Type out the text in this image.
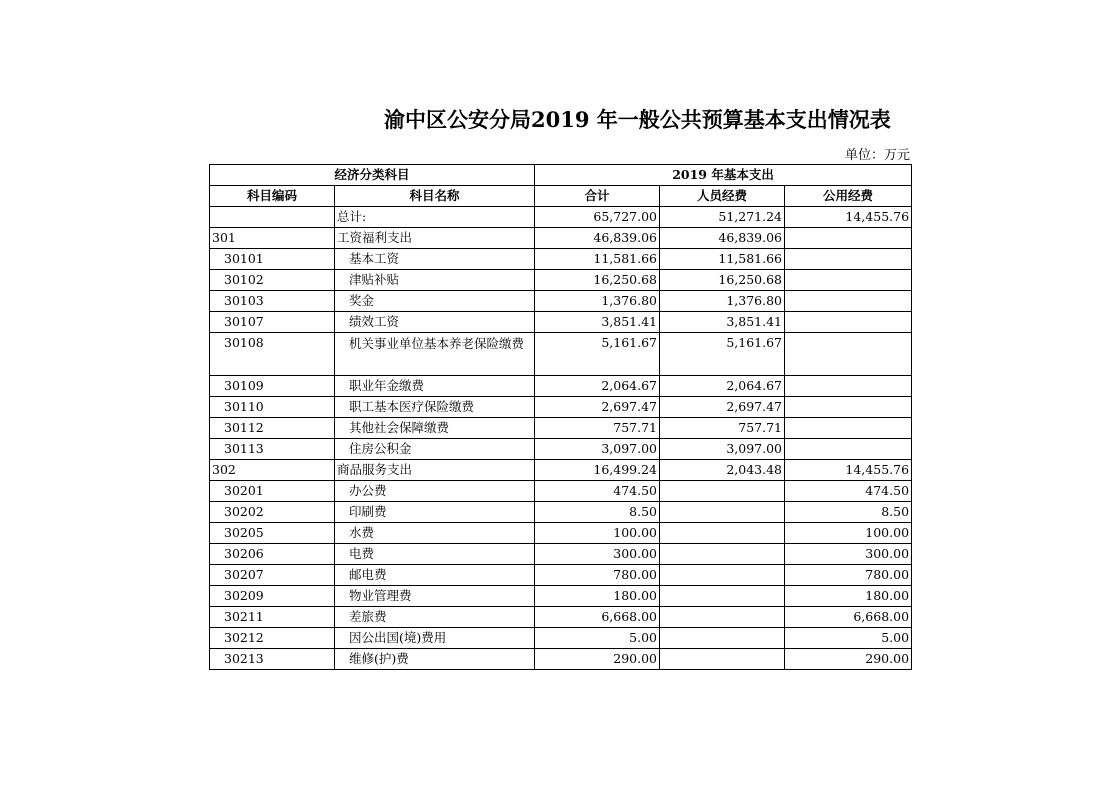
渝中区公安分局2019 年一般公共预算基本支出情况表
单位：万元
经济分类科目		2019 年基本支出		
科目编码	科目名称	合计	人员经费	公用经费
	总计:	65,727.00	51,271.24	14,455.76
301	工资福利支出	46,839.06	46,839.06	
30101	基本工资	11,581.66	11,581.66	
30102	津贴补贴	16,250.68	16,250.68	
30103	奖金	1,376.80	1,376.80	
30107	绩效工资	3,851.41	3,851.41	
30108	机关事业单位基本养老保险缴费	5,161.67	5,161.67	
30109	职业年金缴费	2,064.67	2,064.67	
30110	职工基本医疗保险缴费	2,697.47	2,697.47	
30112	其他社会保障缴费	757.71	757.71	
30113	住房公积金	3,097.00	3,097.00	
302	商品服务支出	16,499.24	2,043.48	14,455.76
30201	办公费	474.50		474.50
30202	印刷费	8.50		8.50
30205	水费	100.00		100.00
30206	电费	300.00		300.00
30207	邮电费	780.00		780.00
30209	物业管理费	180.00		180.00
30211	差旅费	6,668.00		6,668.00
30212	因公出国(境)费用	5.00		5.00
30213	维修(护)费	290.00		290.00
